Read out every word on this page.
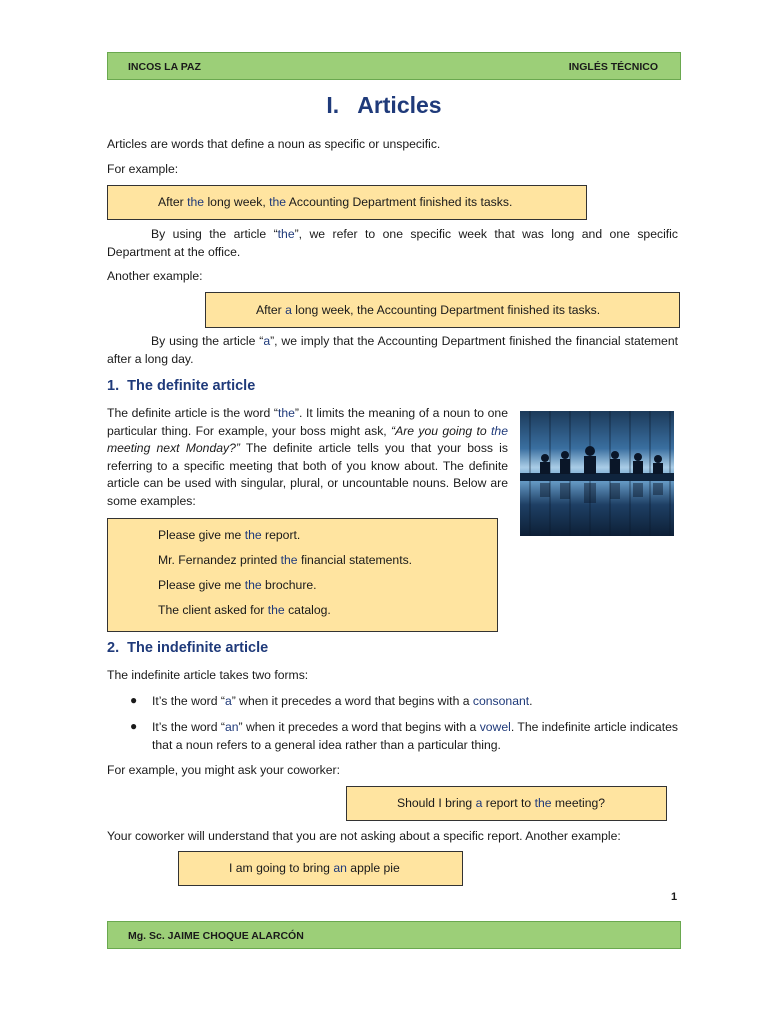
INCOS LA PAZ	INGLÉS TÉCNICO
I. Articles
Articles are words that define a noun as specific or unspecific.
For example:
After the long week, the Accounting Department finished its tasks.
By using the article “the”, we refer to one specific week that was long and one specific Department at the office.
Another example:
After a long week, the Accounting Department finished its tasks.
By using the article “a”, we imply that the Accounting Department finished the financial statement after a long day.
1. The definite article
The definite article is the word “the”. It limits the meaning of a noun to one particular thing. For example, your boss might ask, “Are you going to the meeting next Monday?” The definite article tells you that your boss is referring to a specific meeting that both of you know about. The definite article can be used with singular, plural, or uncountable nouns. Below are some examples:
Please give me the report.
Mr. Fernandez printed the financial statements.
Please give me the brochure.
The client asked for the catalog.
2. The indefinite article
The indefinite article takes two forms:
● It’s the word “a” when it precedes a word that begins with a consonant.
● It’s the word “an” when it precedes a word that begins with a vowel. The indefinite article indicates that a noun refers to a general idea rather than a particular thing.
For example, you might ask your coworker:
Should I bring a report to the meeting?
Your coworker will understand that you are not asking about a specific report. Another example:
I am going to bring an apple pie
1
Mg. Sc. JAIME CHOQUE ALARCÓN
